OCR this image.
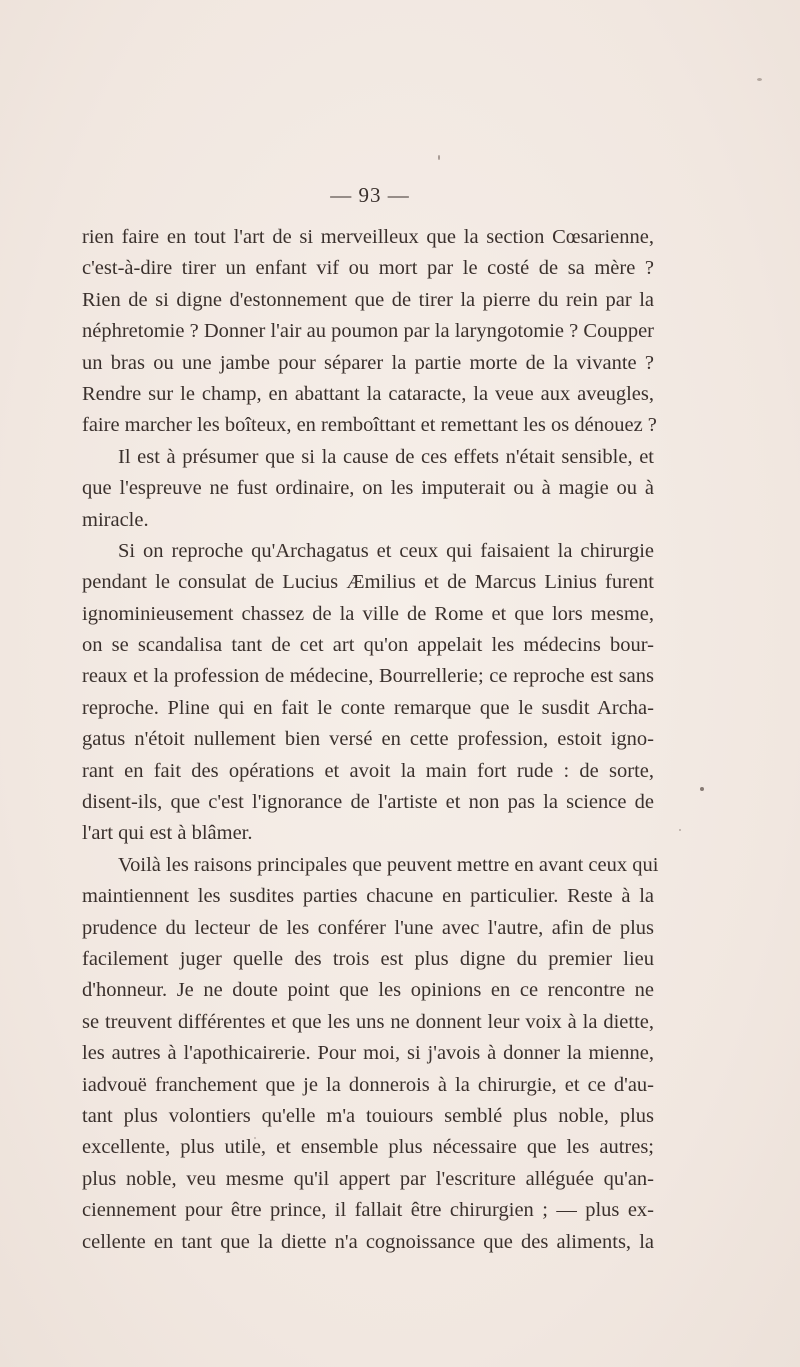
— 93 —
rien faire en tout l'art de si merveilleux que la section Cœsarienne,
c'est-à-dire tirer un enfant vif ou mort par le costé de sa mère ?
Rien de si digne d'estonnement que de tirer la pierre du rein par la
néphretomie ? Donner l'air au poumon par la laryngotomie ? Coupper
un bras ou une jambe pour séparer la partie morte de la vivante ?
Rendre sur le champ, en abattant la cataracte, la veue aux aveugles,
faire marcher les boîteux, en remboîttant et remettant les os dénouez ?
Il est à présumer que si la cause de ces effets n'était sensible, et
que l'espreuve ne fust ordinaire, on les imputerait ou à magie ou à
miracle.
Si on reproche qu'Archagatus et ceux qui faisaient la chirurgie
pendant le consulat de Lucius Æmilius et de Marcus Linius furent
ignominieusement chassez de la ville de Rome et que lors mesme,
on se scandalisa tant de cet art qu'on appelait les médecins bour-
reaux et la profession de médecine, Bourrellerie; ce reproche est sans
reproche. Pline qui en fait le conte remarque que le susdit Archa-
gatus n'étoit nullement bien versé en cette profession, estoit igno-
rant en fait des opérations et avoit la main fort rude : de sorte,
disent-ils, que c'est l'ignorance de l'artiste et non pas la science de
l'art qui est à blâmer.
Voilà les raisons principales que peuvent mettre en avant ceux qui
maintiennent les susdites parties chacune en particulier. Reste à la
prudence du lecteur de les conférer l'une avec l'autre, afin de plus
facilement juger quelle des trois est plus digne du premier lieu
d'honneur. Je ne doute point que les opinions en ce rencontre ne
se treuvent différentes et que les uns ne donnent leur voix à la diette,
les autres à l'apothicairerie. Pour moi, si j'avois à donner la mienne,
iadvouë franchement que je la donnerois à la chirurgie, et ce d'au-
tant plus volontiers qu'elle m'a touiours semblé plus noble, plus
excellente, plus utile, et ensemble plus nécessaire que les autres;
plus noble, veu mesme qu'il appert par l'escriture alléguée qu'an-
ciennement pour être prince, il fallait être chirurgien ; — plus ex-
cellente en tant que la diette n'a cognoissance que des aliments, la
